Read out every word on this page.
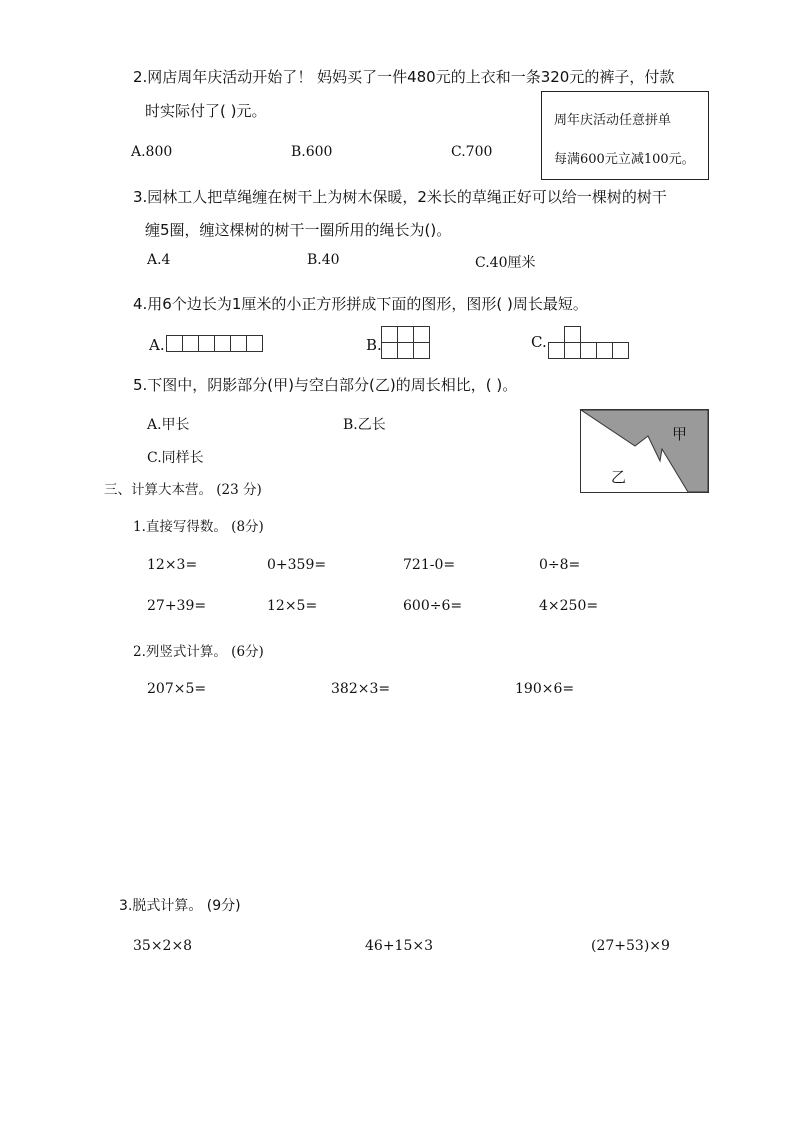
2.网店周年庆活动开始了！ 妈妈买了一件480元的上衣和一条320元的裤子，付款
时实际付了( )元。
周年庆活动任意拼单
每满600元立减100元。
A.800	B.600	C.700
3.园林工人把草绳缠在树干上为树木保暖，2米长的草绳正好可以给一棵树的树干
缠5圈，缠这棵树的树干一圈所用的绳长为()。
A.4	B.40	C.40厘米
4.用6个边长为1厘米的小正方形拼成下面的图形，图形( )周长最短。
A.	B.	C.
5.下图中，阴影部分(甲)与空白部分(乙)的周长相比，( )。
A.甲长	B.乙长
C.同样长
甲
乙
三、计算大本营。 (23 分)
1.直接写得数。 (8分)
12×3=	0+359=	721-0=	0÷8=
27+39=	12×5=	600÷6=	4×250=
2.列竖式计算。 (6分)
207×5=	382×3=	190×6=
3.脱式计算。 (9分)
35×2×8	46+15×3	(27+53)×9
